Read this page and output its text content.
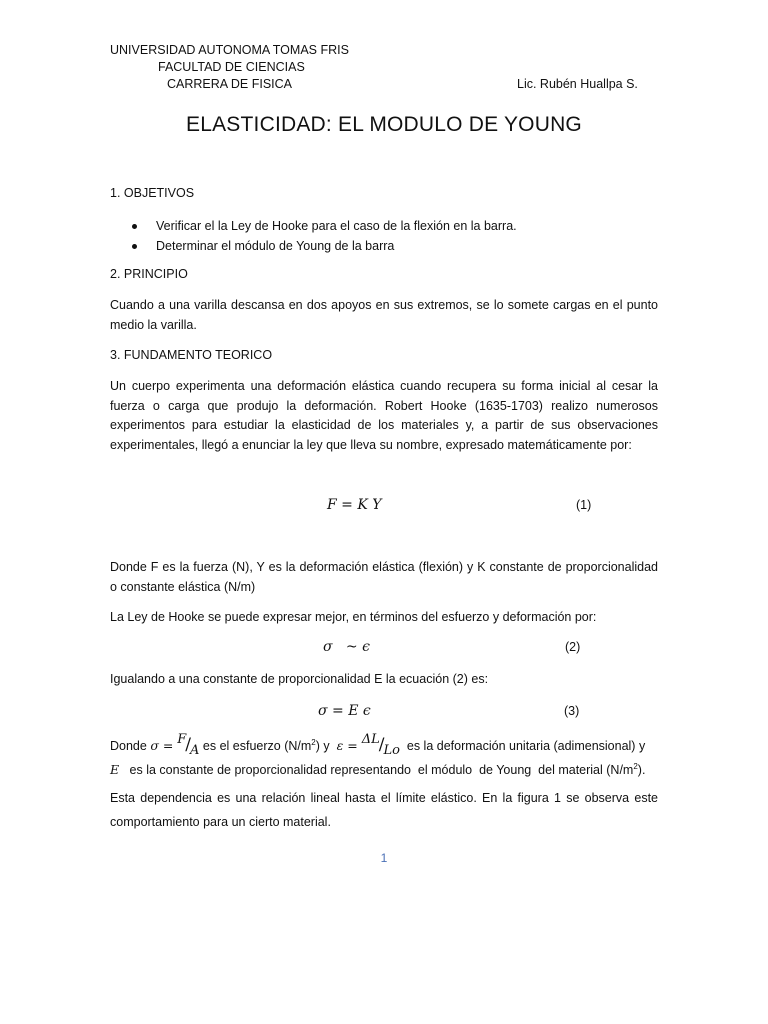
UNIVERSIDAD AUTONOMA TOMAS FRIS
FACULTAD DE CIENCIAS
CARRERA DE FISICA	Lic. Rubén Huallpa S.
ELASTICIDAD: EL MODULO DE YOUNG
1. OBJETIVOS
Verificar el la Ley de Hooke para el caso de la flexión en la barra.
Determinar el módulo de Young de la barra
2. PRINCIPIO
Cuando a una varilla descansa en dos apoyos en sus extremos, se lo somete cargas en el punto medio la varilla.
3. FUNDAMENTO TEORICO
Un cuerpo experimenta una deformación elástica cuando recupera su forma inicial al cesar la fuerza o carga que produjo la deformación. Robert Hooke (1635-1703) realizo numerosos experimentos para estudiar la elasticidad de los materiales y, a partir de sus observaciones experimentales, llegó a enunciar la ley que lleva su nombre, expresado matemáticamente por:
F = K Y	(1)
Donde F es la fuerza (N), Y es la deformación elástica (flexión) y K constante de proporcionalidad o constante elástica (N/m)
La Ley de Hooke se puede expresar mejor, en términos del esfuerzo y deformación por:
σ   ~ ϵ	(2)
Igualando a una constante de proporcionalidad E la ecuación (2) es:
σ = E ϵ	(3)
Donde σ = F/A es el esfuerzo $(N/m^2)$ y  ε = ΔL/Lo  es la deformación unitaria (adimensional) y
E   es la constante de proporcionalidad representando  el módulo  de Young  del material $(N/m^2)$.
Esta dependencia es una relación lineal hasta el límite elástico. En la figura 1 se observa este comportamiento para un cierto material.
1
